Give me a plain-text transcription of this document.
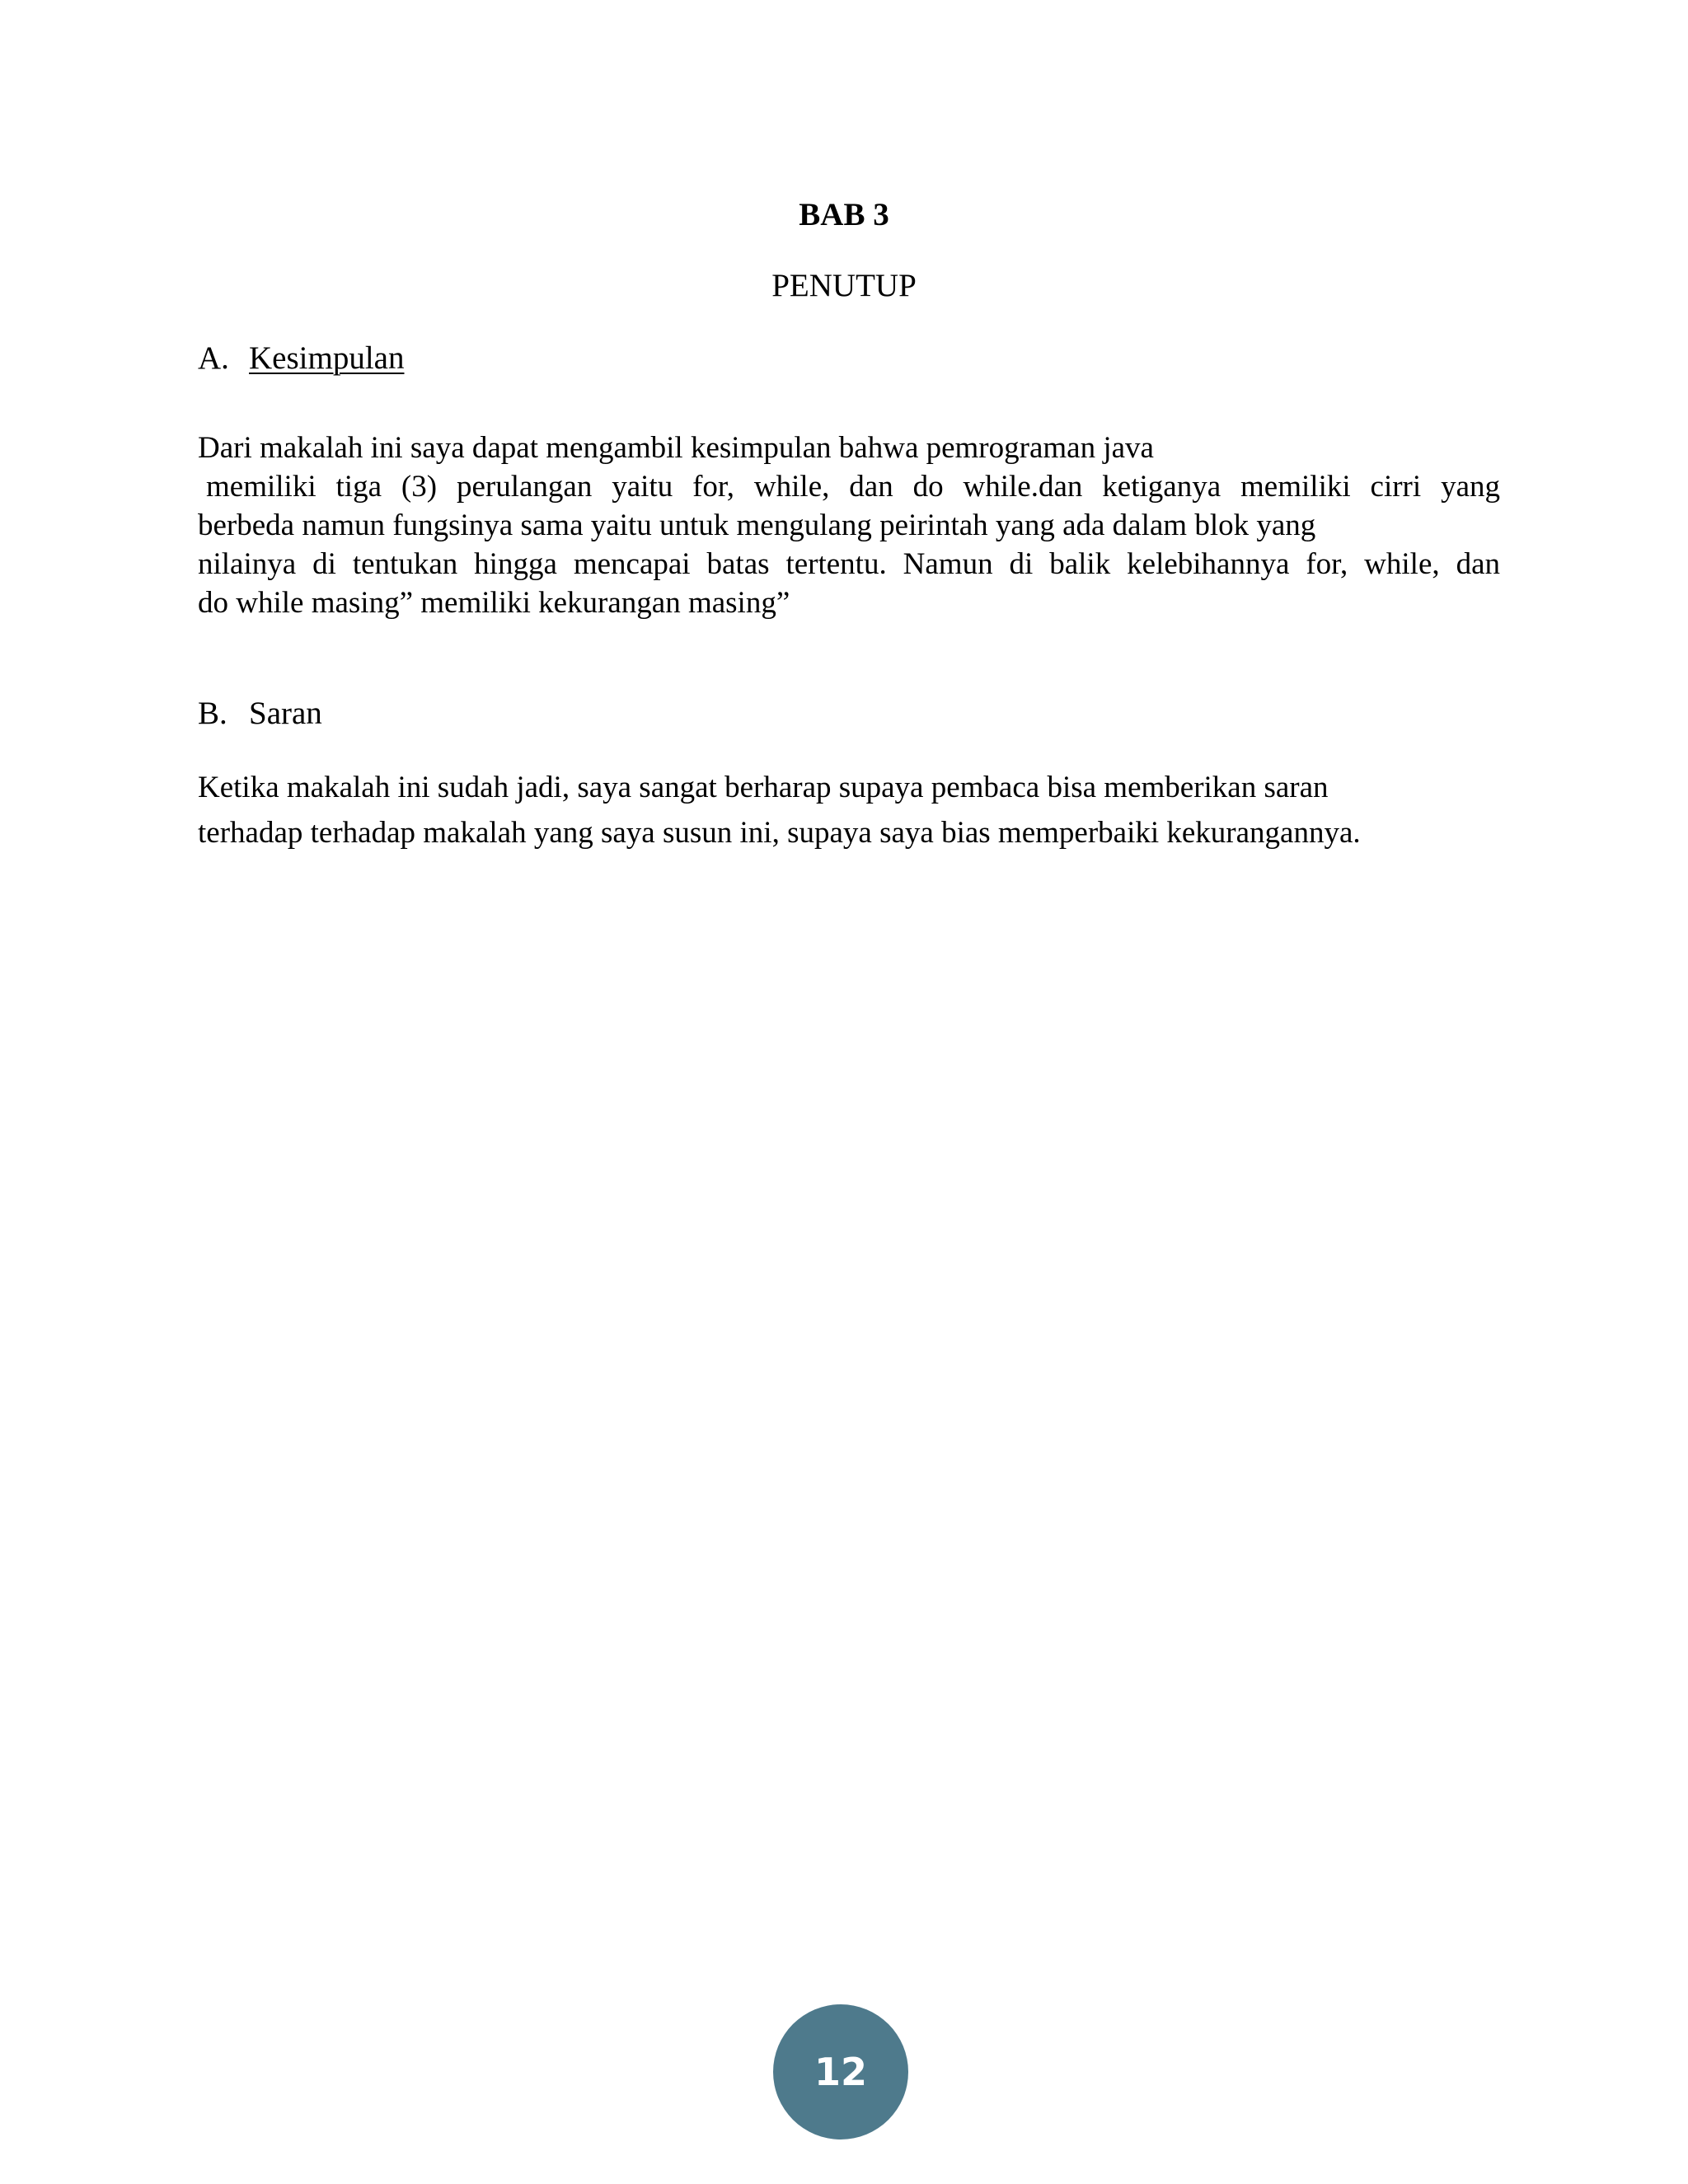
BAB 3
PENUTUP
A. Kesimpulan
Dari makalah ini saya dapat mengambil kesimpulan bahwa pemrograman java
memiliki tiga (3) perulangan yaitu for, while, dan do while.dan ketiganya memiliki cirri yang
berbeda namun fungsinya sama yaitu untuk mengulang peirintah yang ada dalam blok yang
nilainya di tentukan hingga mencapai batas tertentu. Namun di balik kelebihannya for, while, dan
do while masing” memiliki kekurangan masing”
B. Saran
Ketika makalah ini sudah jadi, saya sangat berharap supaya pembaca bisa memberikan saran
terhadap terhadap makalah yang saya susun ini, supaya saya bias memperbaiki kekurangannya.
12
